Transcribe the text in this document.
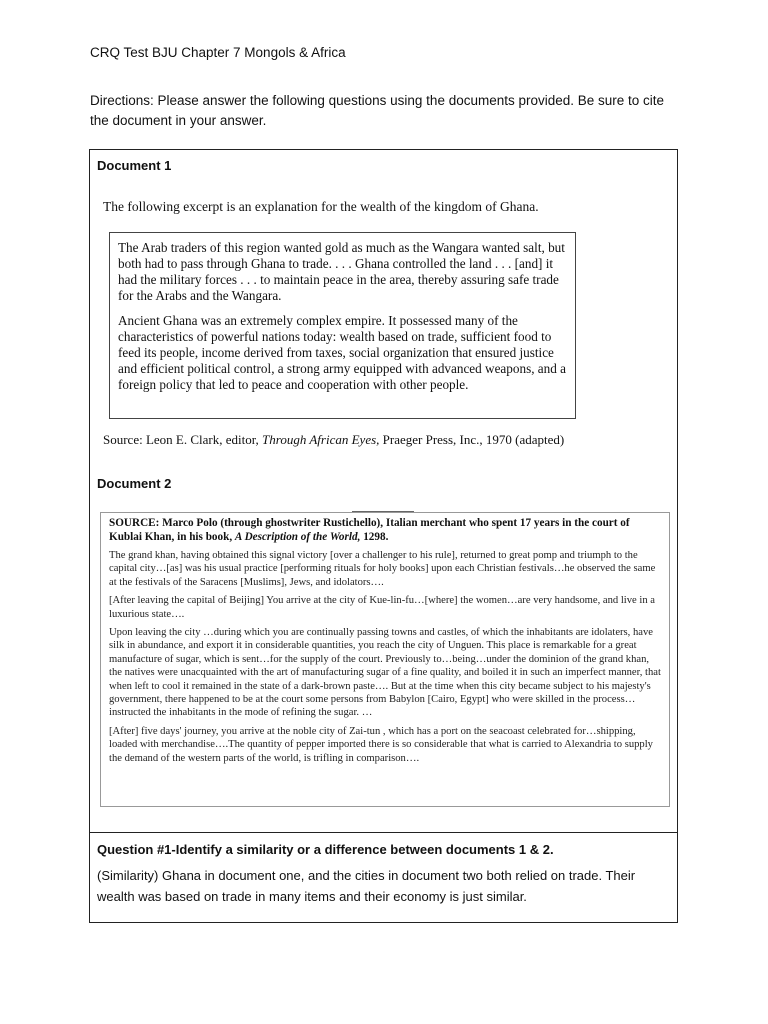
CRQ Test BJU Chapter 7 Mongols & Africa
Directions: Please answer the following questions using the documents provided. Be sure to cite the document in your answer.
Document 1
The following excerpt is an explanation for the wealth of the kingdom of Ghana.

The Arab traders of this region wanted gold as much as the Wangara wanted salt, but both had to pass through Ghana to trade. . . . Ghana controlled the land . . . [and] it had the military forces . . . to maintain peace in the area, thereby assuring safe trade for the Arabs and the Wangara.

Ancient Ghana was an extremely complex empire. It possessed many of the characteristics of powerful nations today: wealth based on trade, sufficient food to feed its people, income derived from taxes, social organization that ensured justice and efficient political control, a strong army equipped with advanced weapons, and a foreign policy that led to peace and cooperation with other people.

Source: Leon E. Clark, editor, Through African Eyes, Praeger Press, Inc., 1970 (adapted)
Document 2

SOURCE: Marco Polo (through ghostwriter Rustichello), Italian merchant who spent 17 years in the court of Kublai Khan, in his book, A Description of the World, 1298.

The grand khan, having obtained this signal victory [over a challenger to his rule], returned to great pomp and triumph to the capital city…[as] was his usual practice [performing rituals for holy books] upon each Christian festivals…he observed the same at the festivals of the Saracens [Muslims], Jews, and idolators….

[After leaving the capital of Beijing] You arrive at the city of Kue-lin-fu…[where] the women…are very handsome, and live in a luxurious state….

Upon leaving the city …during which you are continually passing towns and castles, of which the inhabitants are idolaters, have silk in abundance, and export it in considerable quantities, you reach the city of Unguen. This place is remarkable for a great manufacture of sugar, which is sent…for the supply of the court. Previously to…being…under the dominion of the grand khan, the natives were unacquainted with the art of manufacturing sugar of a fine quality, and boiled it in such an imperfect manner, that when left to cool it remained in the state of a dark-brown paste…. But at the time when this city became subject to his majesty's government, there happened to be at the court some persons from Babylon [Cairo, Egypt] who were skilled in the process…instructed the inhabitants in the mode of refining the sugar. …

[After] five days' journey, you arrive at the noble city of Zai-tun , which has a port on the seacoast celebrated for…shipping, loaded with merchandise….The quantity of pepper imported there is so considerable that what is carried to Alexandria to supply the demand of the western parts of the world, is trifling in comparison….

Question #1-Identify a similarity or a difference between documents 1 & 2.
(Similarity) Ghana in document one, and the cities in document two both relied on trade. Their wealth was based on trade in many items and their economy is just similar.
